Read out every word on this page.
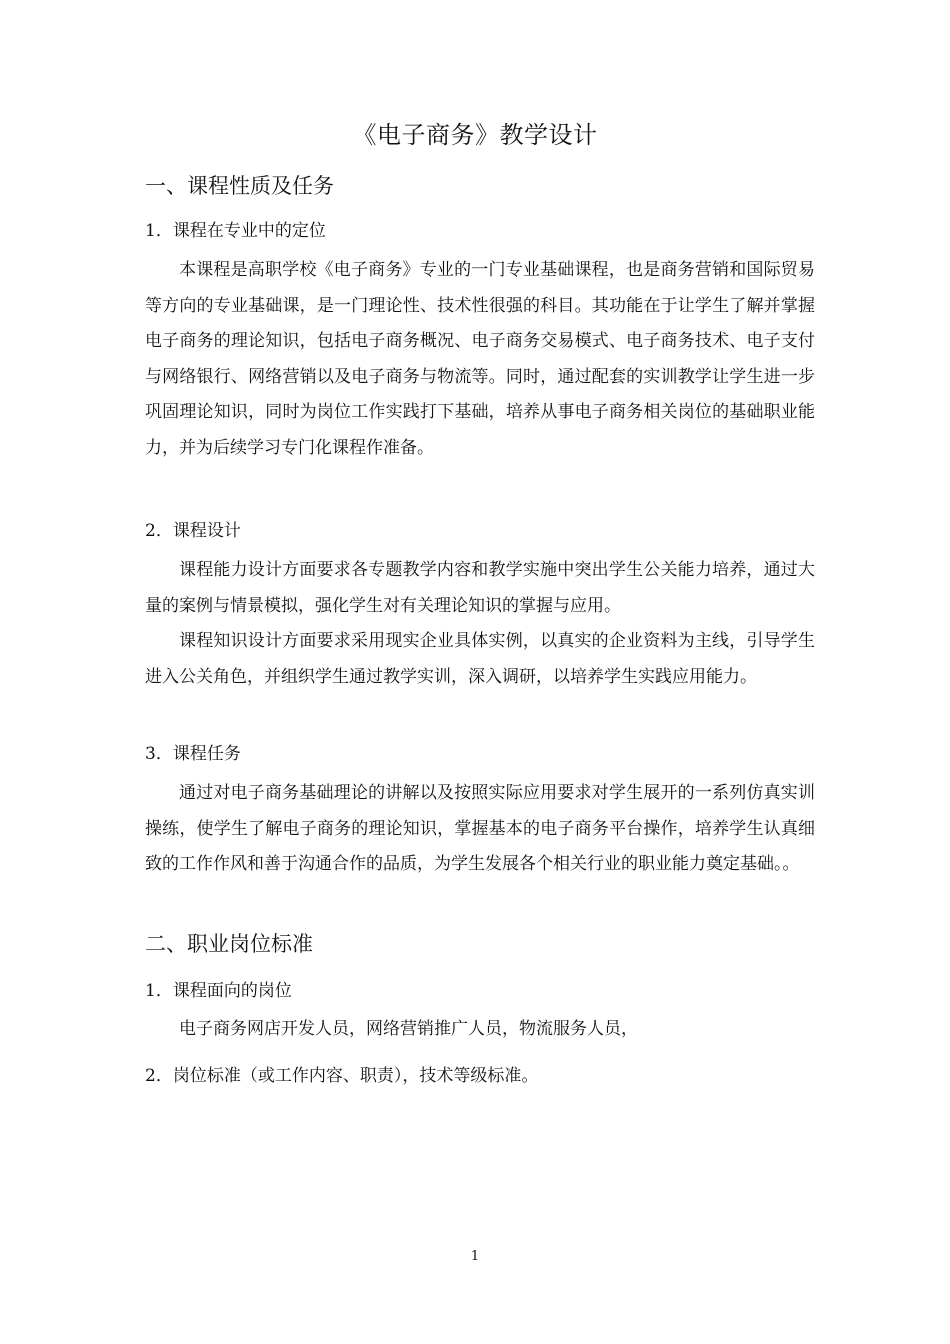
《电子商务》教学设计
一、课程性质及任务
1．课程在专业中的定位
本课程是高职学校《电子商务》专业的一门专业基础课程，也是商务营销和国际贸易等方向的专业基础课，是一门理论性、技术性很强的科目。其功能在于让学生了解并掌握电子商务的理论知识，包括电子商务概况、电子商务交易模式、电子商务技术、电子支付与网络银行、网络营销以及电子商务与物流等。同时，通过配套的实训教学让学生进一步巩固理论知识，同时为岗位工作实践打下基础，培养从事电子商务相关岗位的基础职业能力，并为后续学习专门化课程作准备。
2．课程设计
课程能力设计方面要求各专题教学内容和教学实施中突出学生公关能力培养，通过大量的案例与情景模拟，强化学生对有关理论知识的掌握与应用。
课程知识设计方面要求采用现实企业具体实例，以真实的企业资料为主线，引导学生进入公关角色，并组织学生通过教学实训，深入调研，以培养学生实践应用能力。
3．课程任务
通过对电子商务基础理论的讲解以及按照实际应用要求对学生展开的一系列仿真实训操练，使学生了解电子商务的理论知识，掌握基本的电子商务平台操作，培养学生认真细致的工作作风和善于沟通合作的品质，为学生发展各个相关行业的职业能力奠定基础。。
二、职业岗位标准
1．课程面向的岗位
电子商务网店开发人员，网络营销推广人员，物流服务人员，
2．岗位标准（或工作内容、职责），技术等级标准。
1
